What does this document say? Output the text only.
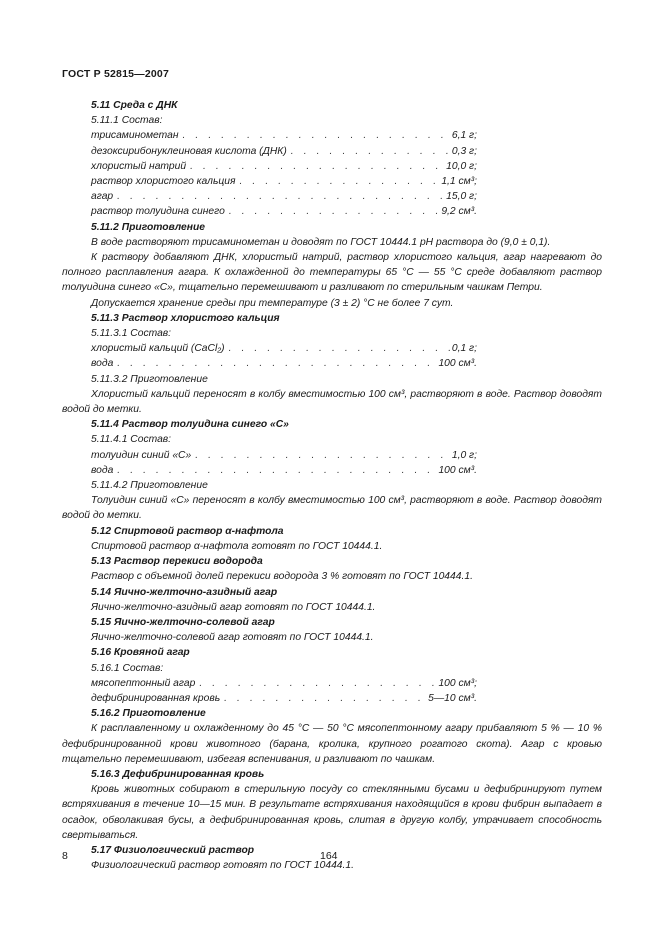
ГОСТ Р 52815—2007
5.11 Среда с ДНК
5.11.1 Состав:
трисаминометан . . .	6,1 г;
дезоксирибонуклеиновая кислота (ДНК) . . .	0,3 г;
хлористый натрий . . .	10,0 г;
раствор хлористого кальция . . .	1,1 см³;
агар . . .	15,0 г;
раствор толуидина синего . . .	9,2 см³.
5.11.2 Приготовление
В воде растворяют трисаминометан и доводят по ГОСТ 10444.1 pH раствора до (9,0 ± 0,1).
К раствору добавляют ДНК, хлористый натрий, раствор хлористого кальция, агар нагревают до полного расплавления агара. К охлажденной до температуры 65 °С — 55 °С среде добавляют раствор толуидина синего «С», тщательно перемешивают и разливают по стерильным чашкам Петри.
Допускается хранение среды при температуре (3 ± 2) °С не более 7 сут.
5.11.3 Раствор хлористого кальция
5.11.3.1 Состав:
хлористый кальций (CaCl₂) . . .	0,1 г;
вода . . .	100 см³.
5.11.3.2 Приготовление
Хлористый кальций переносят в колбу вместимостью 100 см³, растворяют в воде. Раствор доводят водой до метки.
5.11.4 Раствор толуидина синего «С»
5.11.4.1 Состав:
толуидин синий «С» . . .	1,0 г;
вода . . .	100 см³.
5.11.4.2 Приготовление
Толуидин синий «С» переносят в колбу вместимостью 100 см³, растворяют в воде. Раствор доводят водой до метки.
5.12 Спиртовой раствор α-нафтола
Спиртовой раствор α-нафтола готовят по ГОСТ 10444.1.
5.13 Раствор перекиси водорода
Раствор с объемной долей перекиси водорода 3 % готовят по ГОСТ 10444.1.
5.14 Яично-желточно-азидный агар
Яично-желточно-азидный агар готовят по ГОСТ 10444.1.
5.15 Яично-желточно-солевой агар
Яично-желточно-солевой агар готовят по ГОСТ 10444.1.
5.16 Кровяной агар
5.16.1 Состав:
мясопептонный агар . . .	100 см³;
дефибринированная кровь . . .	5—10 см³.
5.16.2 Приготовление
К расплавленному и охлажденному до 45 °С — 50 °С мясопептонному агару прибавляют 5 % — 10 % дефибринированной крови животного (барана, кролика, крупного рогатого скота). Агар с кровью тщательно перемешивают, избегая вспенивания, и разливают по чашкам.
5.16.3 Дефибринированная кровь
Кровь животных собирают в стерильную посуду со стеклянными бусами и дефибринируют путем встряхивания в течение 10—15 мин. В результате встряхивания находящийся в крови фибрин выпадает в осадок, обволакивая бусы, а дефибринированная кровь, слитая в другую колбу, утрачивает способность свертываться.
5.17 Физиологический раствор
Физиологический раствор готовят по ГОСТ 10444.1.
8	164
